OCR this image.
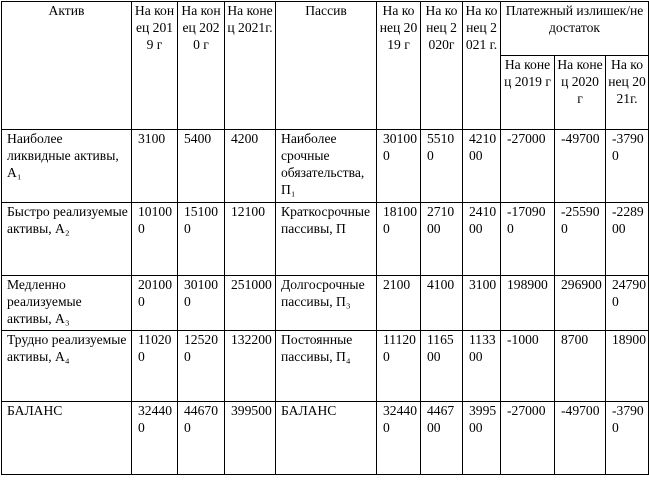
Актив	На конец 2019 г	На конец 2020 г	На конец 2021г.	Пассив	На конец 2019 г	На конец 2020г	На конец 2021 г.	Платежный излишек/недостаток		
								На конец 2019 г	На конец 2020 г	На конец 2021г.
Наиболее ликвидные активы, А₁	3100	5400	4200	Наиболее срочные обязательства, П₁	301000	55100	421000	-27000	-49700	-37900
Быстро реализуемые активы, А₂	101000	151000	12100	Краткосрочные пассивы, П	181000	271000	241000	-170900	-255900	-228900
Медленно реализуемые активы, А₃	201000	301000	251000	Долгосрочные пассивы, П₃	2100	4100	3100	198900	296900	247900
Трудно реализуемые активы, А₄	110200	125200	132200	Постоянные пассивы, П₄	111200	116500	113300	-1000	8700	18900
БАЛАНС	324400	446700	399500	БАЛАНС	324400	446700	399500	-27000	-49700	-37900
